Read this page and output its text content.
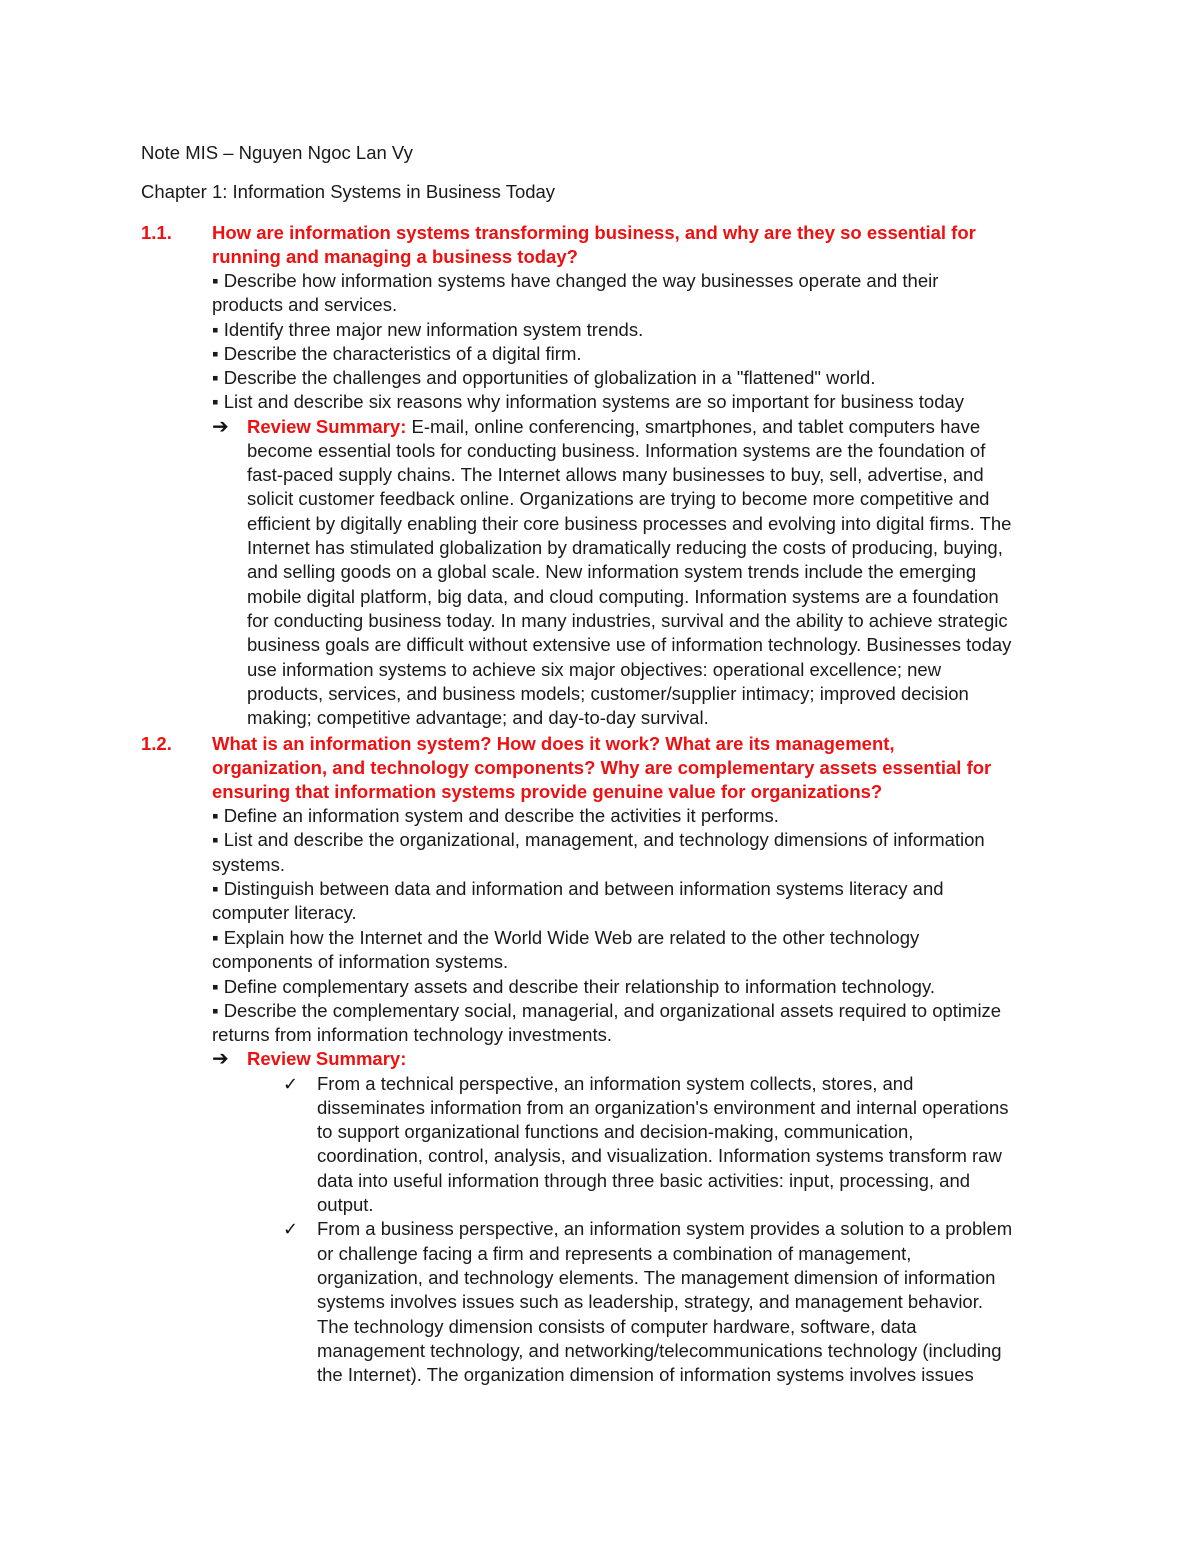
Note MIS – Nguyen Ngoc Lan Vy
Chapter 1: Information Systems in Business Today
1.1. How are information systems transforming business, and why are they so essential for
running and managing a business today?
▪ Describe how information systems have changed the way businesses operate and their
products and services.
▪ Identify three major new information system trends.
▪ Describe the characteristics of a digital firm.
▪ Describe the challenges and opportunities of globalization in a "flattened" world.
▪ List and describe six reasons why information systems are so important for business today
➔ Review Summary: E-mail, online conferencing, smartphones, and tablet computers have
become essential tools for conducting business. Information systems are the foundation of
fast-paced supply chains. The Internet allows many businesses to buy, sell, advertise, and
solicit customer feedback online. Organizations are trying to become more competitive and
efficient by digitally enabling their core business processes and evolving into digital firms. The
Internet has stimulated globalization by dramatically reducing the costs of producing, buying,
and selling goods on a global scale. New information system trends include the emerging
mobile digital platform, big data, and cloud computing. Information systems are a foundation
for conducting business today. In many industries, survival and the ability to achieve strategic
business goals are difficult without extensive use of information technology. Businesses today
use information systems to achieve six major objectives: operational excellence; new
products, services, and business models; customer/supplier intimacy; improved decision
making; competitive advantage; and day-to-day survival.
1.2. What is an information system? How does it work? What are its management,
organization, and technology components? Why are complementary assets essential for
ensuring that information systems provide genuine value for organizations?
▪ Define an information system and describe the activities it performs.
▪ List and describe the organizational, management, and technology dimensions of information
systems.
▪ Distinguish between data and information and between information systems literacy and
computer literacy.
▪ Explain how the Internet and the World Wide Web are related to the other technology
components of information systems.
▪ Define complementary assets and describe their relationship to information technology.
▪ Describe the complementary social, managerial, and organizational assets required to optimize
returns from information technology investments.
➔ Review Summary:
✓ From a technical perspective, an information system collects, stores, and
disseminates information from an organization's environment and internal operations
to support organizational functions and decision-making, communication,
coordination, control, analysis, and visualization. Information systems transform raw
data into useful information through three basic activities: input, processing, and
output.
✓ From a business perspective, an information system provides a solution to a problem
or challenge facing a firm and represents a combination of management,
organization, and technology elements. The management dimension of information
systems involves issues such as leadership, strategy, and management behavior.
The technology dimension consists of computer hardware, software, data
management technology, and networking/telecommunications technology (including
the Internet). The organization dimension of information systems involves issues
